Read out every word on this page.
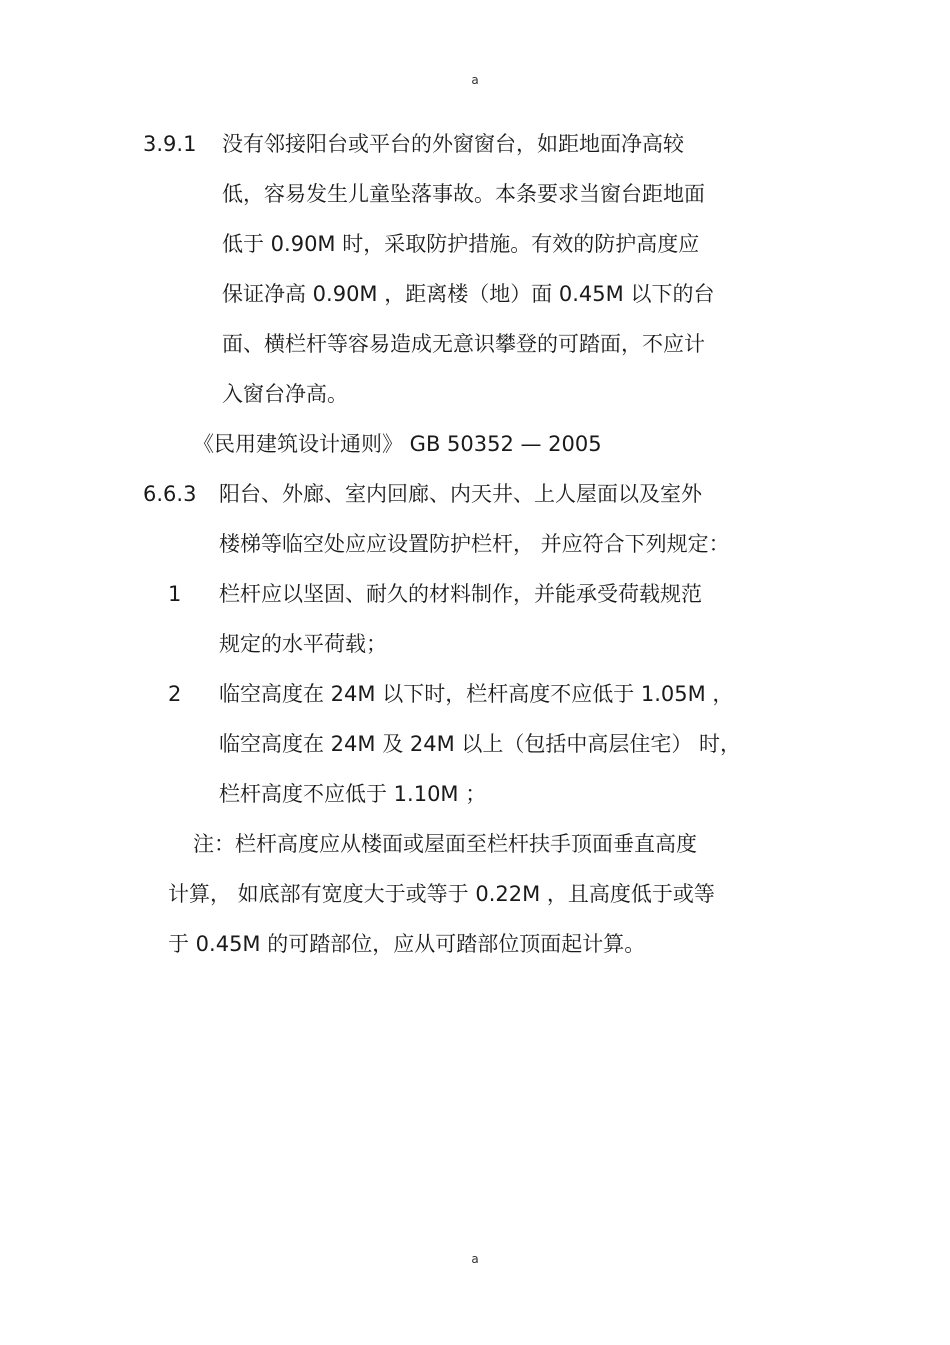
a
3.9.1 没有邻接阳台或平台的外窗窗台，如距地面净高较
低，容易发生儿童坠落事故。本条要求当窗台距地面
低于 0.90M 时，采取防护措施。有效的防护高度应
保证净高 0.90M ，距离楼（地）面 0.45M 以下的台
面、横栏杆等容易造成无意识攀登的可踏面，不应计
入窗台净高。
《民用建筑设计通则》 GB 50352 — 2005
6.6.3 阳台、外廊、室内回廊、内天井、上人屋面以及室外
楼梯等临空处应应设置防护栏杆， 并应符合下列规定：
1 栏杆应以坚固、耐久的材料制作，并能承受荷载规范
规定的水平荷载；
2 临空高度在 24M 以下时，栏杆高度不应低于 1.05M ，
临空高度在 24M 及 24M 以上（包括中高层住宅） 时，
栏杆高度不应低于 1.10M ；
注：栏杆高度应从楼面或屋面至栏杆扶手顶面垂直高度
计算， 如底部有宽度大于或等于 0.22M ，且高度低于或等
于 0.45M 的可踏部位，应从可踏部位顶面起计算。
a
